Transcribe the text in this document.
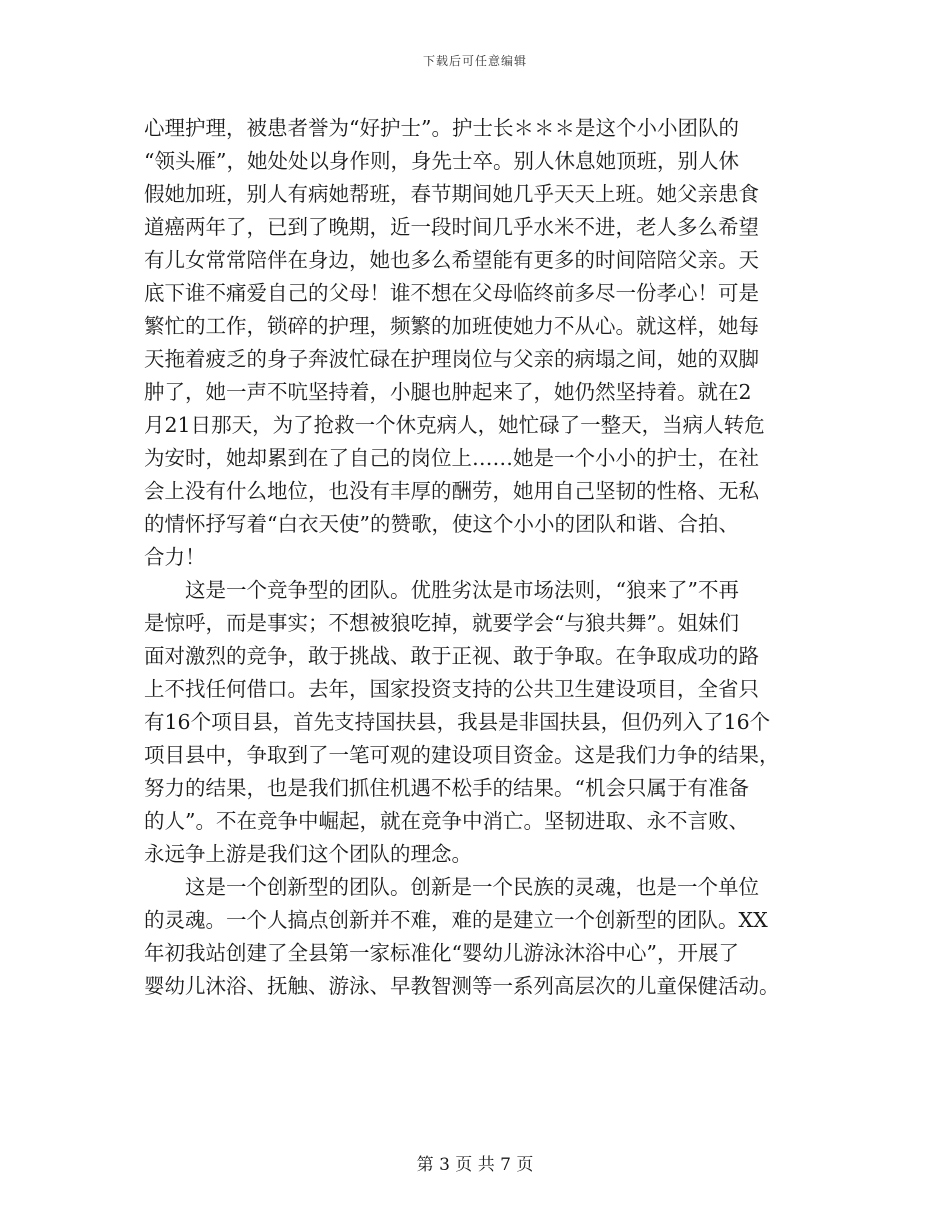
下载后可任意编辑
心理护理，被患者誉为“好护士”。护士长＊＊＊是这个小小团队的
“领头雁”，她处处以身作则，身先士卒。别人休息她顶班，别人休
假她加班，别人有病她帮班，春节期间她几乎天天上班。她父亲患食
道癌两年了，已到了晚期，近一段时间几乎水米不进，老人多么希望
有儿女常常陪伴在身边，她也多么希望能有更多的时间陪陪父亲。天
底下谁不痛爱自己的父母！谁不想在父母临终前多尽一份孝心！可是
繁忙的工作，锁碎的护理，频繁的加班使她力不从心。就这样，她每
天拖着疲乏的身子奔波忙碌在护理岗位与父亲的病塌之间，她的双脚
肿了，她一声不吭坚持着，小腿也肿起来了，她仍然坚持着。就在2
月21日那天，为了抢救一个休克病人，她忙碌了一整天，当病人转危
为安时，她却累到在了自己的岗位上……她是一个小小的护士，在社
会上没有什么地位，也没有丰厚的酬劳，她用自己坚韧的性格、无私
的情怀抒写着“白衣天使”的赞歌，使这个小小的团队和谐、合拍、
合力！
　　这是一个竞争型的团队。优胜劣汰是市场法则，“狼来了”不再
是惊呼，而是事实；不想被狼吃掉，就要学会“与狼共舞”。姐妹们
面对激烈的竞争，敢于挑战、敢于正视、敢于争取。在争取成功的路
上不找任何借口。去年，国家投资支持的公共卫生建设项目，全省只
有16个项目县，首先支持国扶县，我县是非国扶县，但仍列入了16个
项目县中，争取到了一笔可观的建设项目资金。这是我们力争的结果，
努力的结果，也是我们抓住机遇不松手的结果。“机会只属于有准备
的人”。不在竞争中崛起，就在竞争中消亡。坚韧进取、永不言败、
永远争上游是我们这个团队的理念。
　　这是一个创新型的团队。创新是一个民族的灵魂，也是一个单位
的灵魂。一个人搞点创新并不难，难的是建立一个创新型的团队。XX
年初我站创建了全县第一家标准化“婴幼儿游泳沐浴中心”，开展了
婴幼儿沐浴、抚触、游泳、早教智测等一系列高层次的儿童保健活动。
第 3 页 共 7 页
